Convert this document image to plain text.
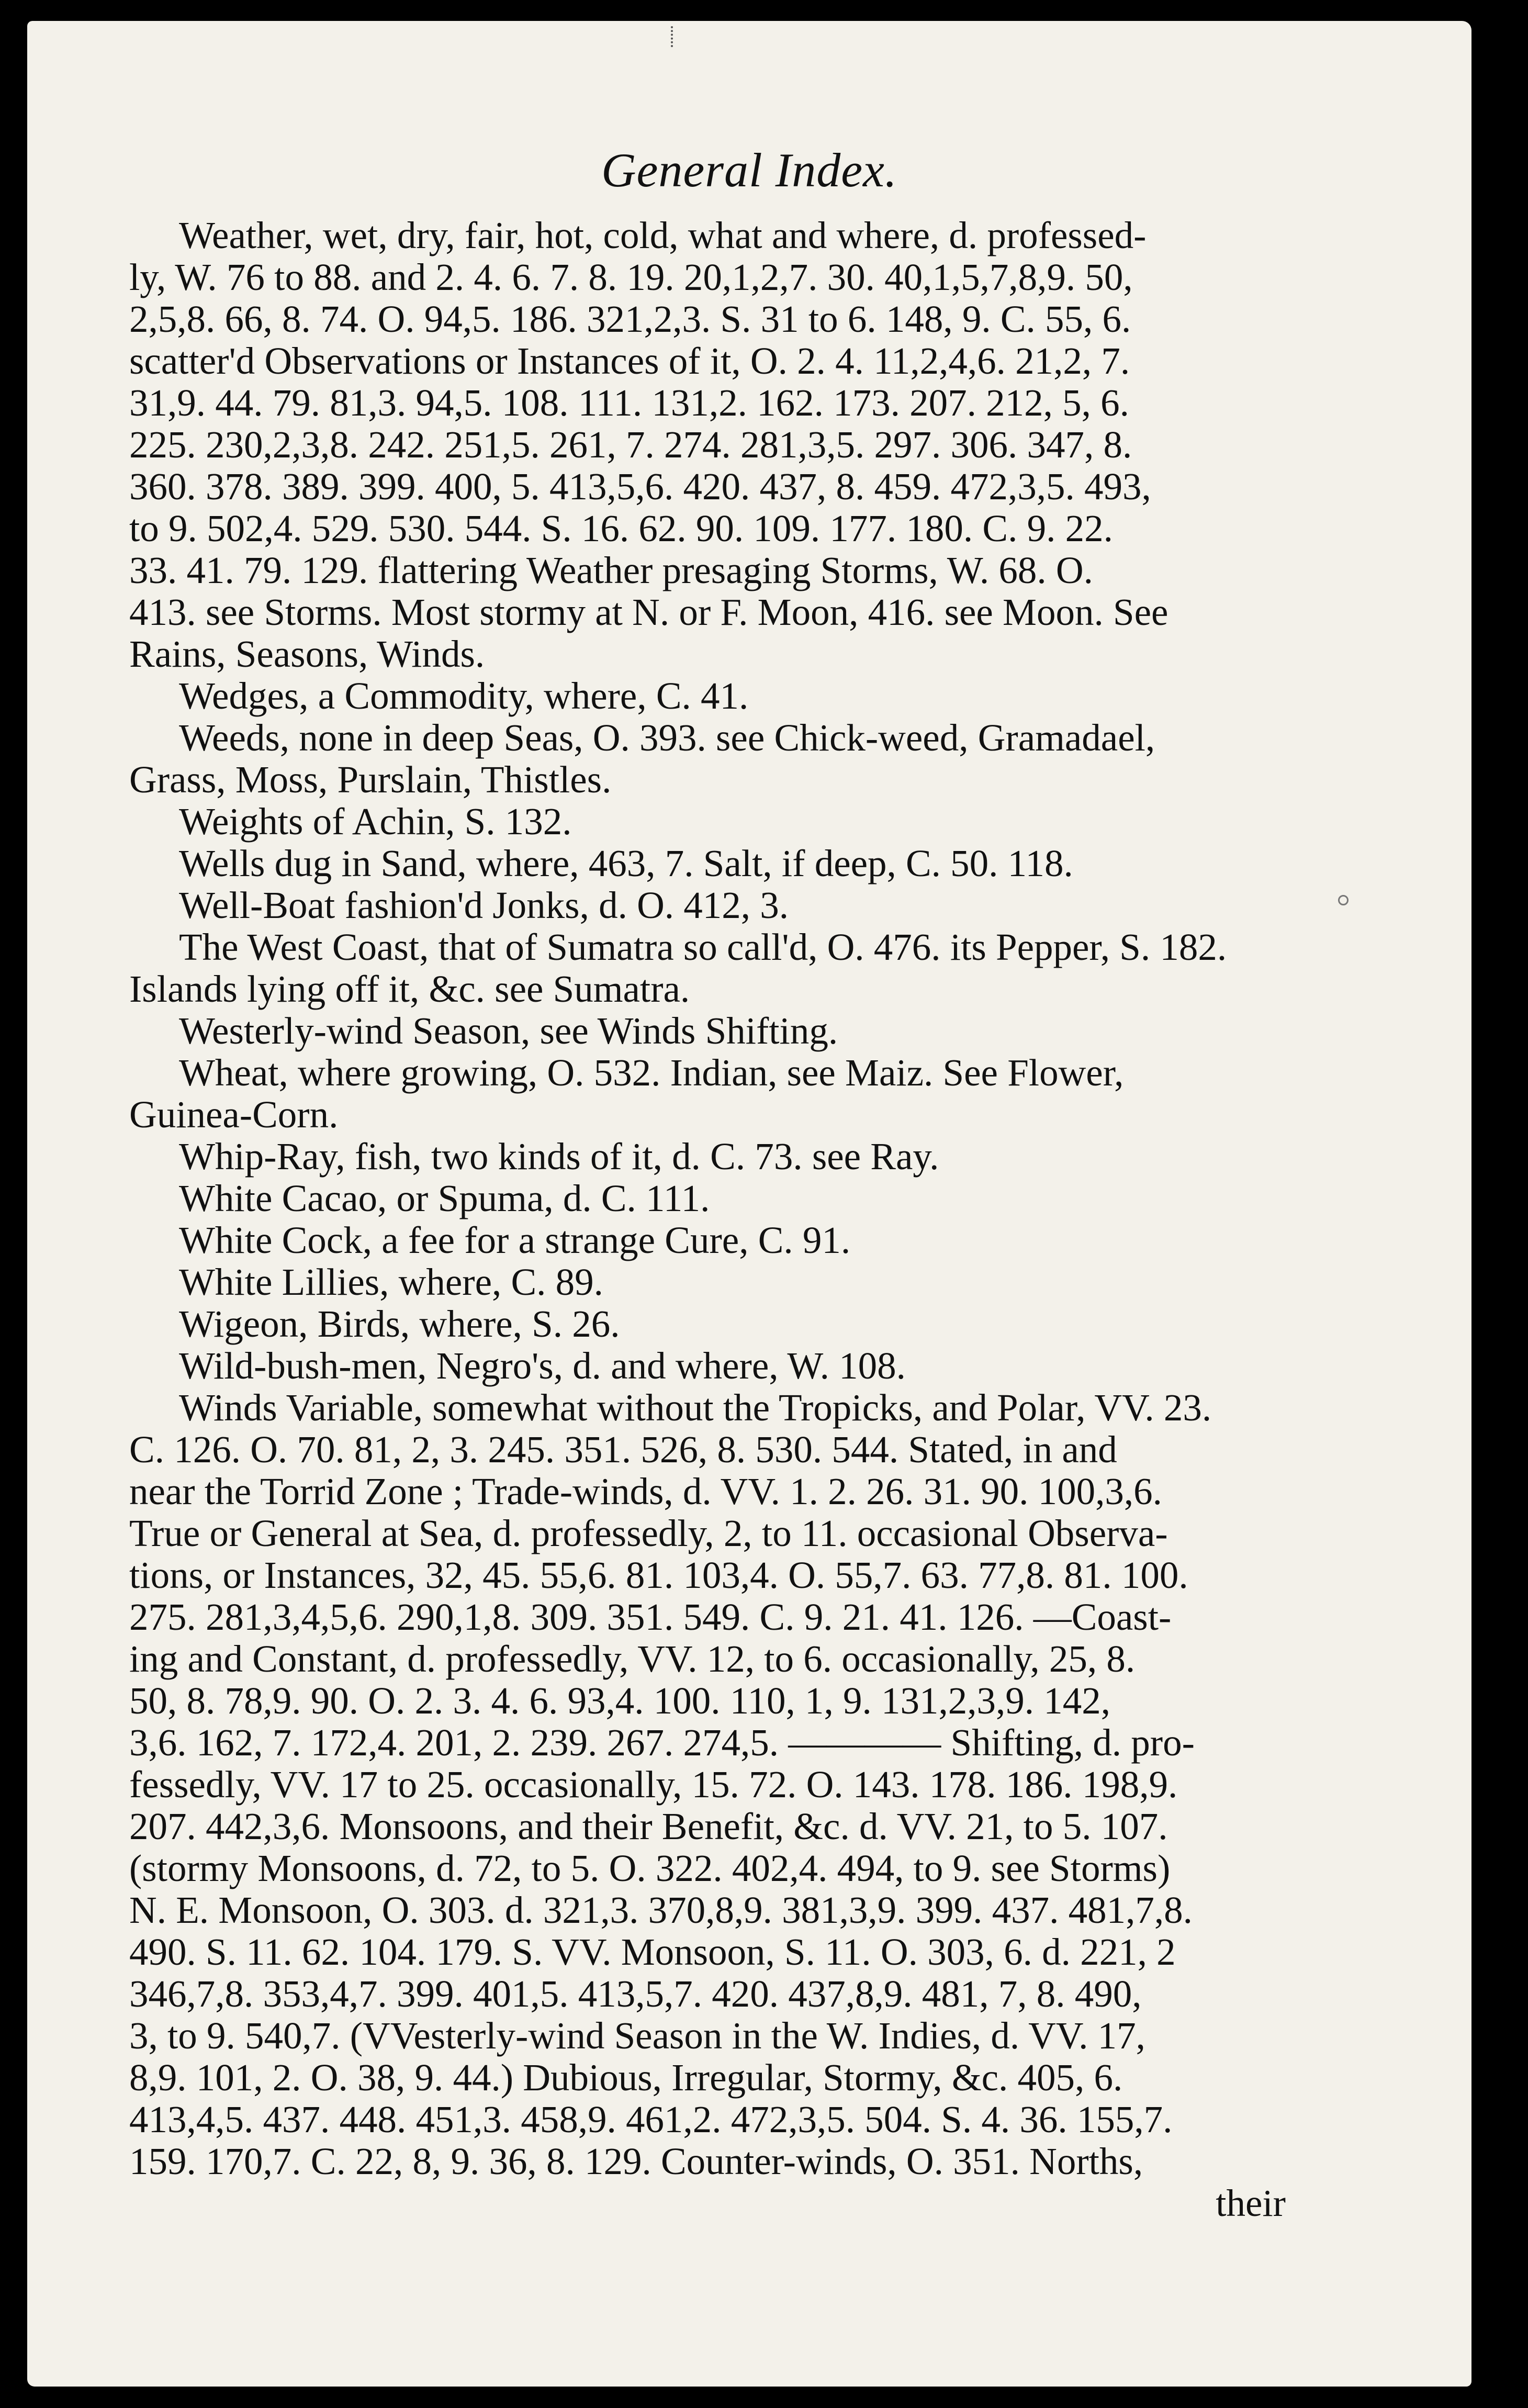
General Index.
Weather, wet, dry, fair, hot, cold, what and where, d. professed-
ly, W. 76 to 88. and 2. 4. 6. 7. 8. 19. 20,1,2,7. 30. 40,1,5,7,8,9. 50,
2,5,8. 66, 8. 74. O. 94,5. 186. 321,2,3. S. 31 to 6. 148, 9. C. 55, 6.
scatter'd Observations or Instances of it, O. 2. 4. 11,2,4,6. 21,2, 7.
31,9. 44. 79. 81,3. 94,5. 108. 111. 131,2. 162. 173. 207. 212, 5, 6.
225. 230,2,3,8. 242. 251,5. 261, 7. 274. 281,3,5. 297. 306. 347, 8.
360. 378. 389. 399. 400, 5. 413,5,6. 420. 437, 8. 459. 472,3,5. 493,
to 9. 502,4. 529. 530. 544. S. 16. 62. 90. 109. 177. 180. C. 9. 22.
33. 41. 79. 129. flattering Weather presaging Storms, W. 68. O.
413. see Storms. Most stormy at N. or F. Moon, 416. see Moon. See
Rains, Seasons, Winds.
Wedges, a Commodity, where, C. 41.
Weeds, none in deep Seas, O. 393. see Chick-weed, Gramadael,
Grass, Moss, Purslain, Thistles.
Weights of Achin, S. 132.
Wells dug in Sand, where, 463, 7. Salt, if deep, C. 50. 118.
Well-Boat fashion'd Jonks, d. O. 412, 3.
The West Coast, that of Sumatra so call'd, O. 476. its Pepper, S. 182.
Islands lying off it, &c. see Sumatra.
Westerly-wind Season, see Winds Shifting.
Wheat, where growing, O. 532. Indian, see Maiz. See Flower,
Guinea-Corn.
Whip-Ray, fish, two kinds of it, d. C. 73. see Ray.
White Cacao, or Spuma, d. C. 111.
White Cock, a fee for a strange Cure, C. 91.
White Lillies, where, C. 89.
Wigeon, Birds, where, S. 26.
Wild-bush-men, Negro's, d. and where, W. 108.
Winds Variable, somewhat without the Tropicks, and Polar, VV. 23.
C. 126. O. 70. 81, 2, 3. 245. 351. 526, 8. 530. 544. Stated, in and
near the Torrid Zone ; Trade-winds, d. VV. 1. 2. 26. 31. 90. 100,3,6.
True or General at Sea, d. professedly, 2, to 11. occasional Observa-
tions, or Instances, 32, 45. 55,6. 81. 103,4. O. 55,7. 63. 77,8. 81. 100.
275. 281,3,4,5,6. 290,1,8. 309. 351. 549. C. 9. 21. 41. 126. —Coast-
ing and Constant, d. professedly, VV. 12, to 6. occasionally, 25, 8.
50, 8. 78,9. 90. O. 2. 3. 4. 6. 93,4. 100. 110, 1, 9. 131,2,3,9. 142,
3,6. 162, 7. 172,4. 201, 2. 239. 267. 274,5. ———— Shifting, d. pro-
fessedly, VV. 17 to 25. occasionally, 15. 72. O. 143. 178. 186. 198,9.
207. 442,3,6. Monsoons, and their Benefit, &c. d. VV. 21, to 5. 107.
(stormy Monsoons, d. 72, to 5. O. 322. 402,4. 494, to 9. see Storms)
N. E. Monsoon, O. 303. d. 321,3. 370,8,9. 381,3,9. 399. 437. 481,7,8.
490. S. 11. 62. 104. 179. S. VV. Monsoon, S. 11. O. 303, 6. d. 221, 2
346,7,8. 353,4,7. 399. 401,5. 413,5,7. 420. 437,8,9. 481, 7, 8. 490,
3, to 9. 540,7. (VVesterly-wind Season in the W. Indies, d. VV. 17,
8,9. 101, 2. O. 38, 9. 44.) Dubious, Irregular, Stormy, &c. 405, 6.
413,4,5. 437. 448. 451,3. 458,9. 461,2. 472,3,5. 504. S. 4. 36. 155,7.
159. 170,7. C. 22, 8, 9. 36, 8. 129. Counter-winds, O. 351. Norths,
their
